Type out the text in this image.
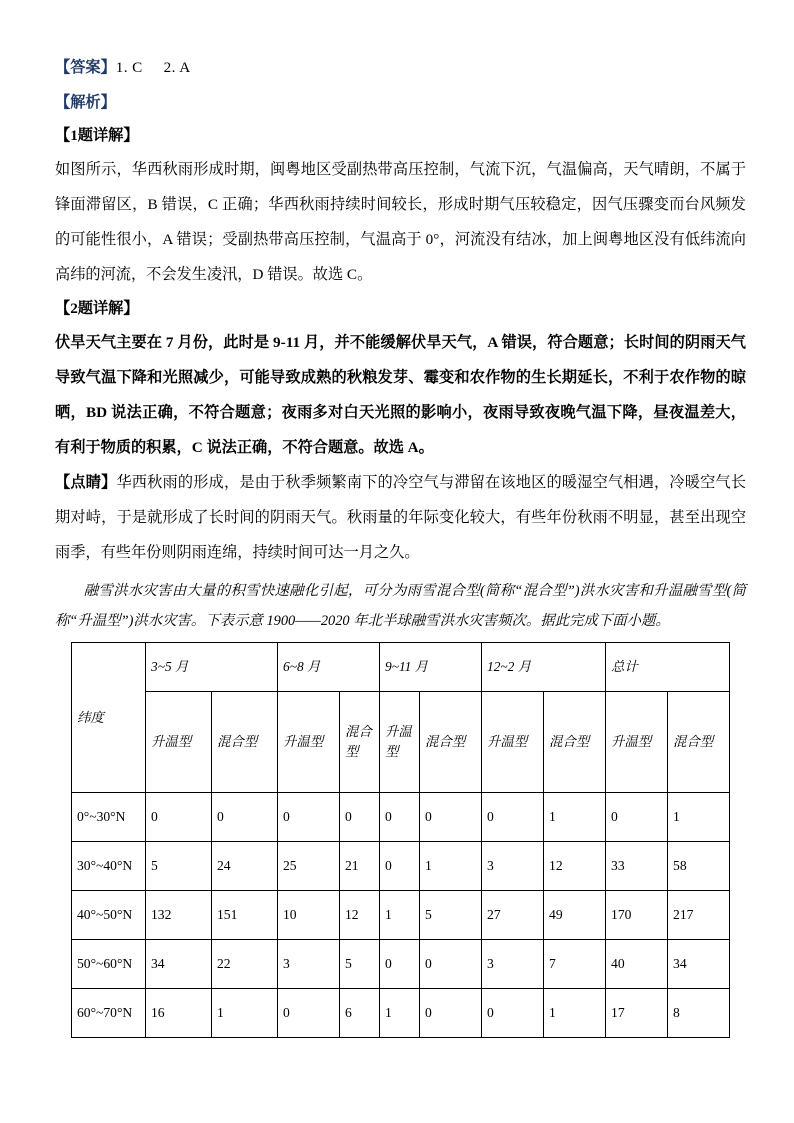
【答案】1. C     2. A
【解析】
【1题详解】

如图所示，华西秋雨形成时期，闽粤地区受副热带高压控制，气流下沉，气温偏高，天气晴朗，不属于锋面滞留区，B 错误，C 正确；华西秋雨持续时间较长，形成时期气压较稳定，因气压骤变而台风频发的可能性很小，A 错误；受副热带高压控制，气温高于 0°，河流没有结冰，加上闽粤地区没有低纬流向高纬的河流，不会发生凌汛，D 错误。故选 C。

【2题详解】

伏旱天气主要在 7 月份，此时是 9-11 月，并不能缓解伏旱天气，A 错误，符合题意；长时间的阴雨天气导致气温下降和光照减少，可能导致成熟的秋粮发芽、霉变和农作物的生长期延长，不利于农作物的晾晒，BD 说法正确，不符合题意；夜雨多对白天光照的影响小，夜雨导致夜晚气温下降，昼夜温差大，有利于物质的积累，C 说法正确，不符合题意。故选 A。

【点睛】华西秋雨的形成，是由于秋季频繁南下的冷空气与滞留在该地区的暖湿空气相遇，冷暖空气长期对峙，于是就形成了长时间的阴雨天气。秋雨量的年际变化较大，有些年份秋雨不明显，甚至出现空雨季，有些年份则阴雨连绵，持续时间可达一月之久。

融雪洪水灾害由大量的积雪快速融化引起，可分为雨雪混合型(简称“混合型”)洪水灾害和升温融雪型(简称“升温型”)洪水灾害。下表示意 1900——2020 年北半球融雪洪水灾害频次。据此完成下面小题。

纬度	3~5 月		6~8 月		9~11 月		12~2 月		总计	
	升温型	混合型	升温型	混合型	升温型	混合型	升温型	混合型	升温型	混合型
0°~30°N	0	0	0	0	0	0	0	1	0	1
30°~40°N	5	24	25	21	0	1	3	12	33	58
40°~50°N	132	151	10	12	1	5	27	49	170	217
50°~60°N	34	22	3	5	0	0	3	7	40	34
60°~70°N	16	1	0	6	1	0	0	1	17	8
